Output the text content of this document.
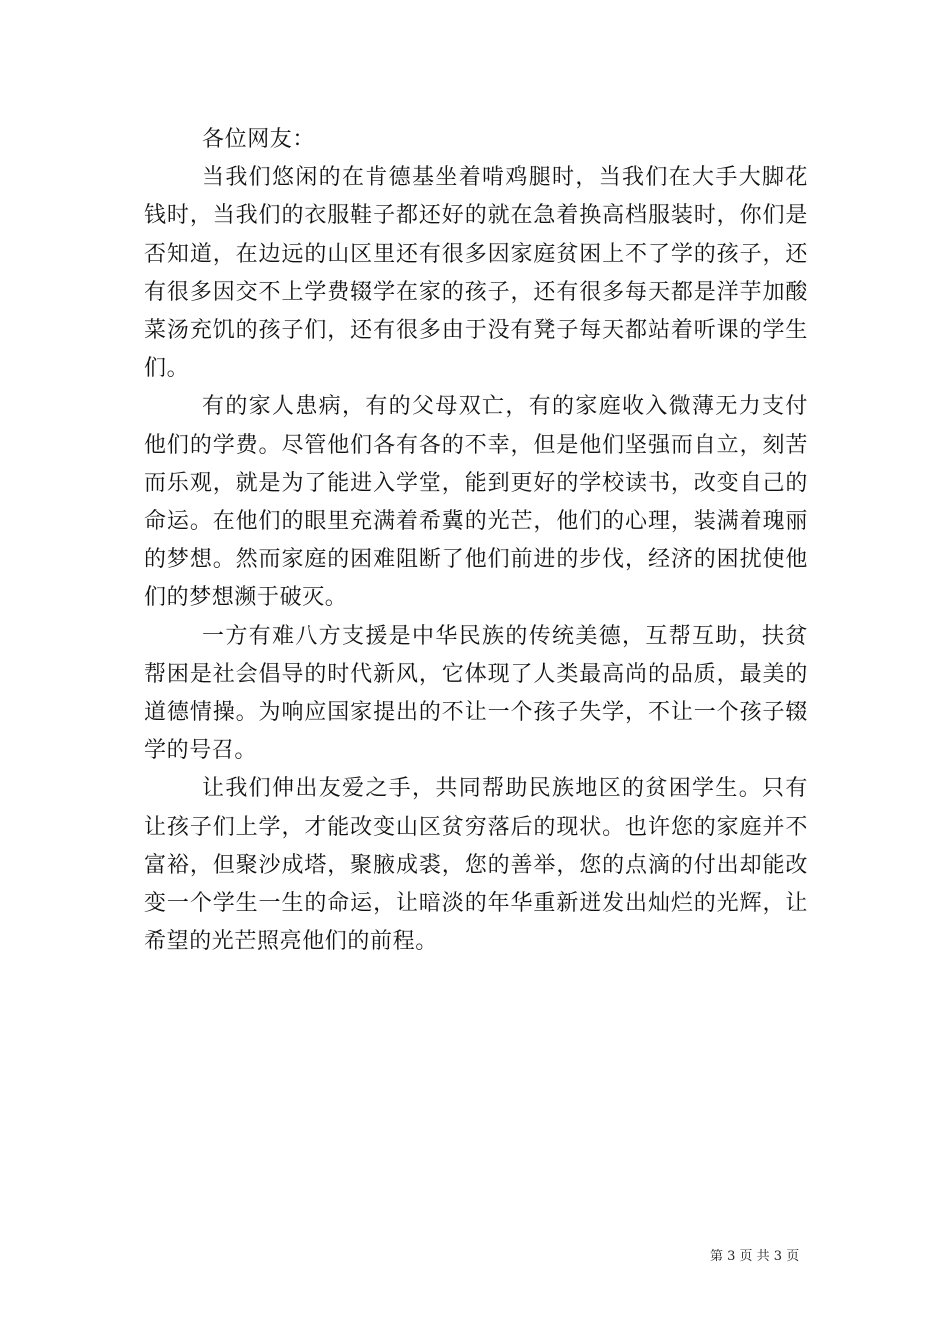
各位网友：

当我们悠闲的在肯德基坐着啃鸡腿时，当我们在大手大脚花钱时，当我们的衣服鞋子都还好的就在急着换高档服装时，你们是否知道，在边远的山区里还有很多因家庭贫困上不了学的孩子，还有很多因交不上学费辍学在家的孩子，还有很多每天都是洋芋加酸菜汤充饥的孩子们，还有很多由于没有凳子每天都站着听课的学生们。

有的家人患病，有的父母双亡，有的家庭收入微薄无力支付他们的学费。尽管他们各有各的不幸，但是他们坚强而自立，刻苦而乐观，就是为了能进入学堂，能到更好的学校读书，改变自己的命运。在他们的眼里充满着希冀的光芒，他们的心理，装满着瑰丽的梦想。然而家庭的困难阻断了他们前进的步伐，经济的困扰使他们的梦想濒于破灭。

一方有难八方支援是中华民族的传统美德，互帮互助，扶贫帮困是社会倡导的时代新风，它体现了人类最高尚的品质，最美的道德情操。为响应国家提出的不让一个孩子失学，不让一个孩子辍学的号召。

让我们伸出友爱之手，共同帮助民族地区的贫困学生。只有让孩子们上学，才能改变山区贫穷落后的现状。也许您的家庭并不富裕，但聚沙成塔，聚腋成裘，您的善举，您的点滴的付出却能改变一个学生一生的命运，让暗淡的年华重新迸发出灿烂的光辉，让希望的光芒照亮他们的前程。

第 3 页 共 3 页
